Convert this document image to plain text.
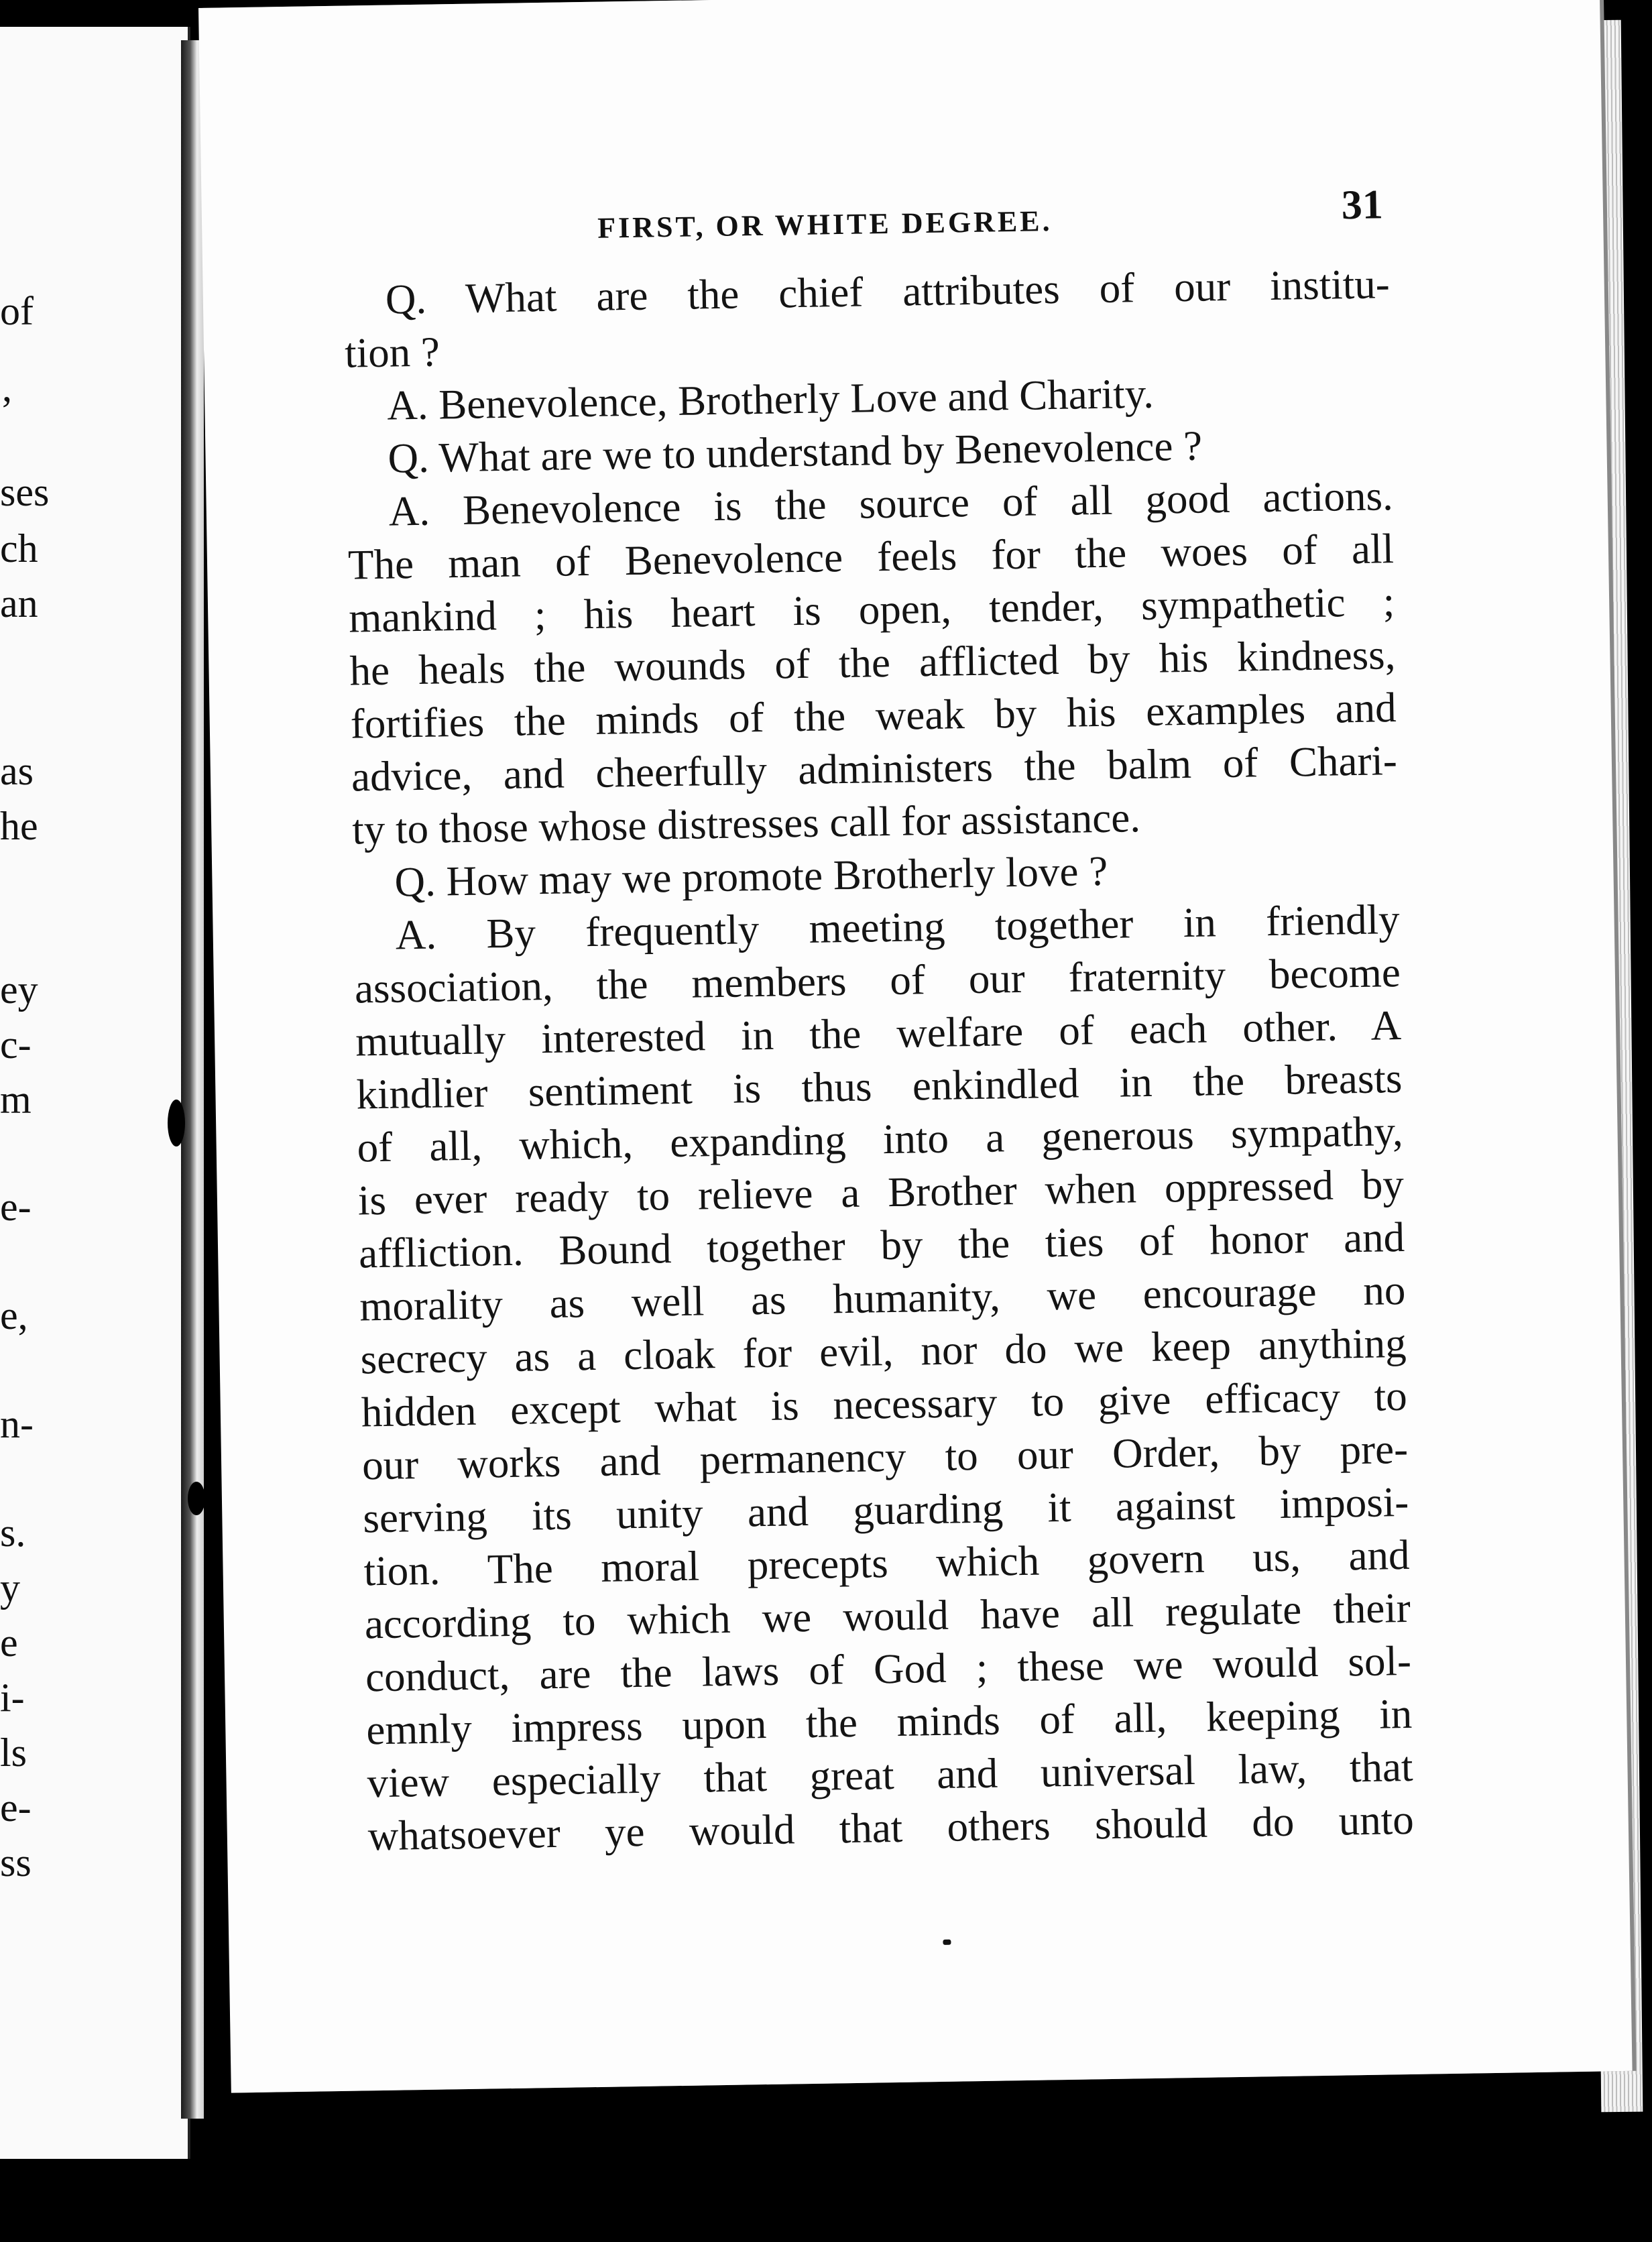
of
ʼ
ses
ch
an
as
he
ey
c-
m
e-
e,
n-
s.
y
e
i-
ls
e-
ss
FIRST, OR WHITE DEGREE.	31
Q. What are the chief attributes of our institu-
tion ?
A. Benevolence, Brotherly Love and Charity.
Q. What are we to understand by Benevolence ?
A. Benevolence is the source of all good actions.
The man of Benevolence feels for the woes of all
mankind ; his heart is open, tender, sympathetic ;
he heals the wounds of the afflicted by his kindness,
fortifies the minds of the weak by his examples and
advice, and cheerfully administers the balm of Chari-
ty to those whose distresses call for assistance.
Q. How may we promote Brotherly love ?
A. By frequently meeting together in friendly
association, the members of our fraternity become
mutually interested in the welfare of each other. A
kindlier sentiment is thus enkindled in the breasts
of all, which, expanding into a generous sympathy,
is ever ready to relieve a Brother when oppressed by
affliction. Bound together by the ties of honor and
morality as well as humanity, we encourage no
secrecy as a cloak for evil, nor do we keep anything
hidden except what is necessary to give efficacy to
our works and permanency to our Order, by pre-
serving its unity and guarding it against imposi-
tion. The moral precepts which govern us, and
according to which we would have all regulate their
conduct, are the laws of God ; these we would sol-
emnly impress upon the minds of all, keeping in
view especially that great and universal law, that
whatsoever ye would that others should do unto
